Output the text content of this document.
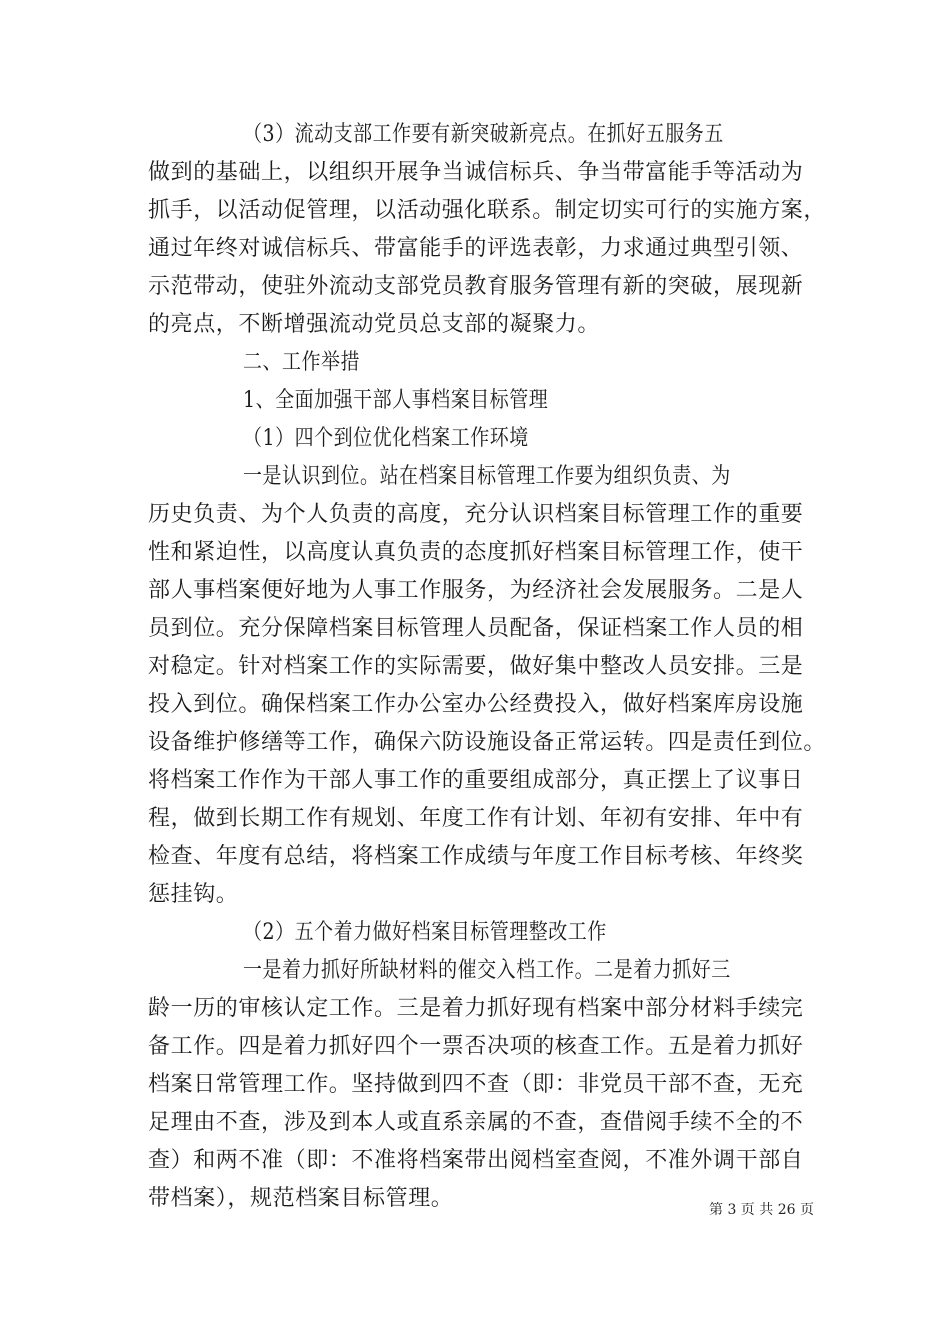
（3）流动支部工作要有新突破新亮点。在抓好五服务五
做到的基础上，以组织开展争当诚信标兵、争当带富能手等活动为
抓手，以活动促管理，以活动强化联系。制定切实可行的实施方案，
通过年终对诚信标兵、带富能手的评选表彰，力求通过典型引领、
示范带动，使驻外流动支部党员教育服务管理有新的突破，展现新
的亮点，不断增强流动党员总支部的凝聚力。
二、工作举措
1、全面加强干部人事档案目标管理
（1）四个到位优化档案工作环境
一是认识到位。站在档案目标管理工作要为组织负责、为
历史负责、为个人负责的高度，充分认识档案目标管理工作的重要
性和紧迫性，以高度认真负责的态度抓好档案目标管理工作，使干
部人事档案便好地为人事工作服务，为经济社会发展服务。二是人
员到位。充分保障档案目标管理人员配备，保证档案工作人员的相
对稳定。针对档案工作的实际需要，做好集中整改人员安排。三是
投入到位。确保档案工作办公室办公经费投入，做好档案库房设施
设备维护修缮等工作，确保六防设施设备正常运转。四是责任到位。
将档案工作作为干部人事工作的重要组成部分，真正摆上了议事日
程，做到长期工作有规划、年度工作有计划、年初有安排、年中有
检查、年度有总结，将档案工作成绩与年度工作目标考核、年终奖
惩挂钩。
（2）五个着力做好档案目标管理整改工作
一是着力抓好所缺材料的催交入档工作。二是着力抓好三
龄一历的审核认定工作。三是着力抓好现有档案中部分材料手续完
备工作。四是着力抓好四个一票否决项的核查工作。五是着力抓好
档案日常管理工作。坚持做到四不查（即：非党员干部不查，无充
足理由不查，涉及到本人或直系亲属的不查，查借阅手续不全的不
查）和两不准（即：不准将档案带出阅档室查阅，不准外调干部自
带档案），规范档案目标管理。	第 3 页 共 26 页
